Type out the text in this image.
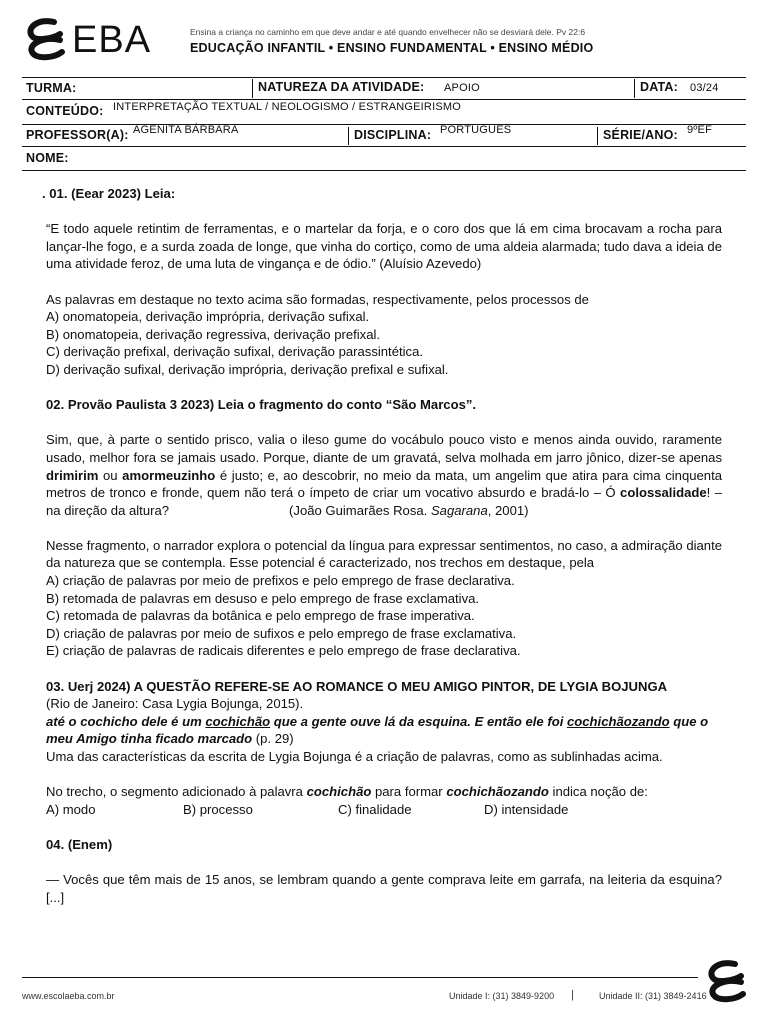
EBA	Ensina a criança no caminho em que deve andar e até quando envelhecer não se desviará dele. Pv 22:6
EDUCAÇÃO INFANTIL • ENSINO FUNDAMENTAL • ENSINO MÉDIO
TURMA:	NATUREZA DA ATIVIDADE: APOIO	DATA: 03/24
CONTEÚDO: INTERPRETAÇÃO TEXTUAL / NEOLOGISMO / ESTRANGEIRISMO
PROFESSOR(A): AGENITA BÁRBARA	DISCIPLINA: PORTUGUES	SÉRIE/ANO: 9ºEF
NOME:

. 01. (Eear 2023) Leia:

“E todo aquele retintim de ferramentas, e o martelar da forja, e o coro dos que lá em cima brocavam a rocha para lançar-lhe fogo, e a surda zoada de longe, que vinha do cortiço, como de uma aldeia alarmada; tudo dava a ideia de uma atividade feroz, de uma luta de vingança e de ódio.” (Aluísio Azevedo)

As palavras em destaque no texto acima são formadas, respectivamente, pelos processos de

A) onomatopeia, derivação imprópria, derivação sufixal.

B) onomatopeia, derivação regressiva, derivação prefixal.

C) derivação prefixal, derivação sufixal, derivação parassintética.

D) derivação sufixal, derivação imprópria, derivação prefixal e sufixal.

02. Provão Paulista 3 2023) Leia o fragmento do conto “São Marcos”.

Sim, que, à parte o sentido prisco, valia o ileso gume do vocábulo pouco visto e menos ainda ouvido, raramente usado, melhor fora se jamais usado. Porque, diante de um gravatá, selva molhada em jarro jônico, dizer-se apenas drimirim ou amormeuzinho é justo; e, ao descobrir, no meio da mata, um angelim que atira para cima cinquenta metros de tronco e fronde, quem não terá o ímpeto de criar um vocativo absurdo e bradá-lo – Ó colossalidade! – na direção da altura?	(João Guimarães Rosa. Sagarana, 2001)

Nesse fragmento, o narrador explora o potencial da língua para expressar sentimentos, no caso, a admiração diante da natureza que se contempla. Esse potencial é caracterizado, nos trechos em destaque, pela

A) criação de palavras por meio de prefixos e pelo emprego de frase declarativa.

B) retomada de palavras em desuso e pelo emprego de frase exclamativa.

C) retomada de palavras da botânica e pelo emprego de frase imperativa.

D) criação de palavras por meio de sufixos e pelo emprego de frase exclamativa.

E) criação de palavras de radicais diferentes e pelo emprego de frase declarativa.

03. Uerj 2024) A QUESTÃO REFERE-SE AO ROMANCE O MEU AMIGO PINTOR, DE LYGIA BOJUNGA

(Rio de Janeiro: Casa Lygia Bojunga, 2015).

até o cochicho dele é um cochichão que a gente ouve lá da esquina. E então ele foi cochichãozando que o meu Amigo tinha ficado marcado (p. 29)

Uma das características da escrita de Lygia Bojunga é a criação de palavras, como as sublinhadas acima.

No trecho, o segmento adicionado à palavra cochichão para formar cochichãozando indica noção de:

A) modo	B) processo	C) finalidade	D) intensidade

04. (Enem)

— Vocês que têm mais de 15 anos, se lembram quando a gente comprava leite em garrafa, na leiteria da esquina? [...]

www.escolaeba.com.br	Unidade I: (31) 3849-9200 |	Unidade II: (31) 3849-2416
